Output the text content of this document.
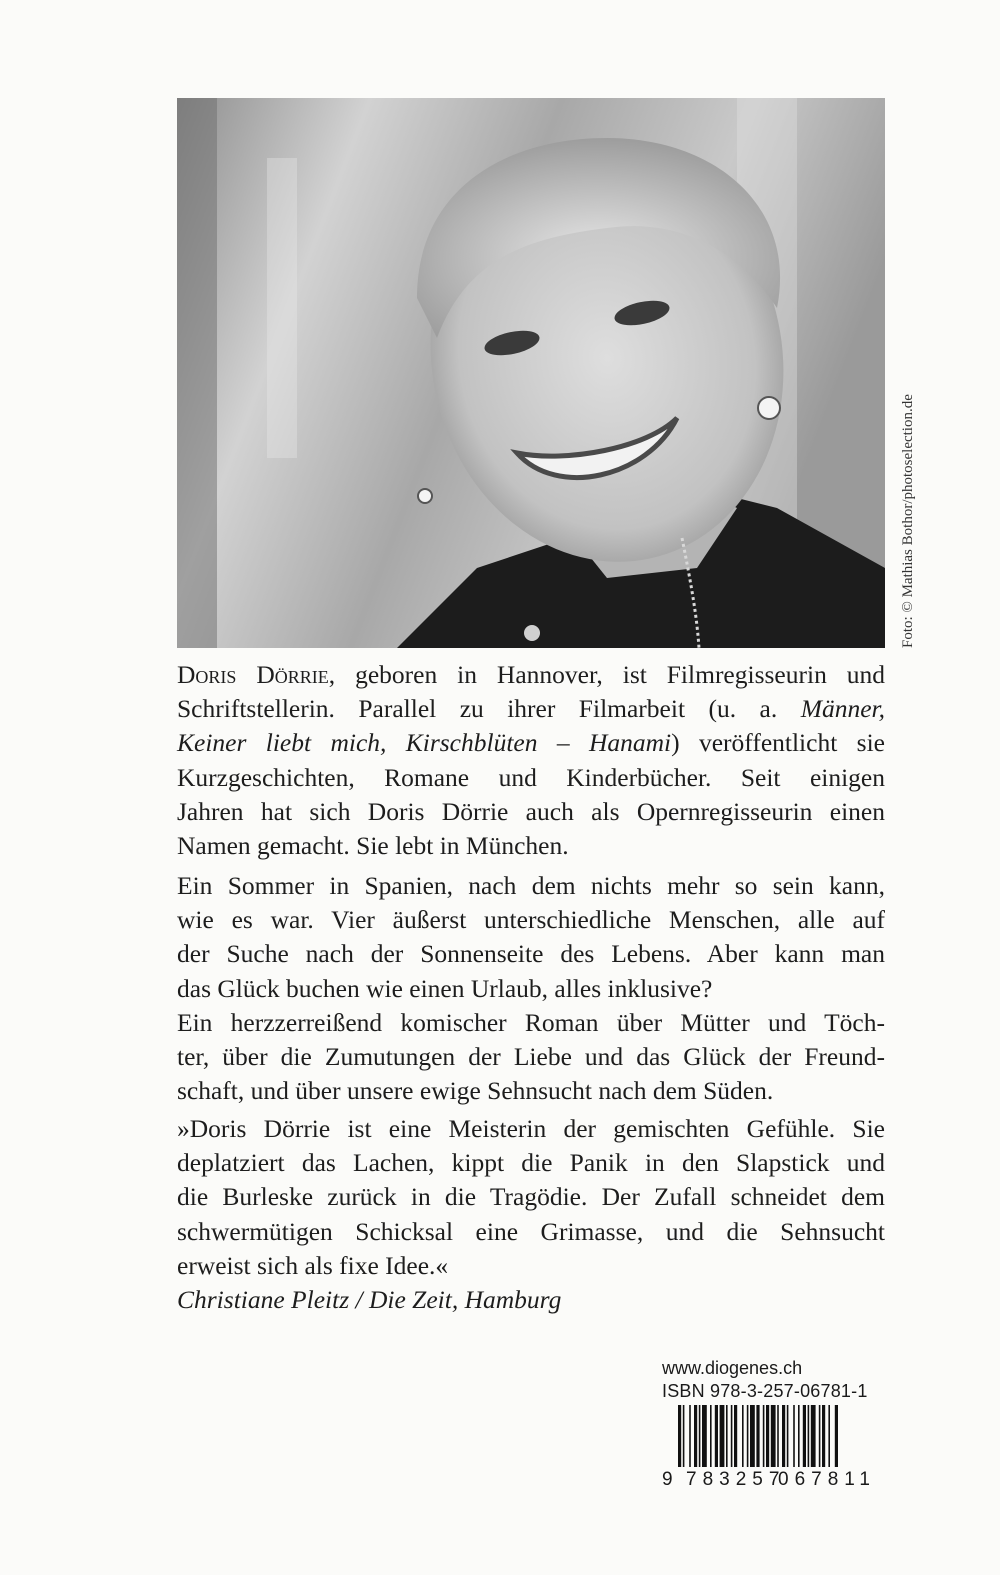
Foto: © Mathias Bothor/photoselection.de
Doris Dörrie, geboren in Hannover, ist Filmregisseurin und
Schriftstellerin. Parallel zu ihrer Filmarbeit (u. a. Männer,
Keiner liebt mich, Kirschblüten – Hanami) veröffentlicht sie
Kurzgeschichten, Romane und Kinderbücher. Seit einigen
Jahren hat sich Doris Dörrie auch als Opernregisseurin einen
Namen gemacht. Sie lebt in München.
Ein Sommer in Spanien, nach dem nichts mehr so sein kann,
wie es war. Vier äußerst unterschiedliche Menschen, alle auf
der Suche nach der Sonnenseite des Lebens. Aber kann man
das Glück buchen wie einen Urlaub, alles inklusive?
Ein herzzerreißend komischer Roman über Mütter und Töch-
ter, über die Zumutungen der Liebe und das Glück der Freund-
schaft, und über unsere ewige Sehnsucht nach dem Süden.
»Doris Dörrie ist eine Meisterin der gemischten Gefühle. Sie
deplatziert das Lachen, kippt die Panik in den Slapstick und
die Burleske zurück in die Tragödie. Der Zufall schneidet dem
schwermütigen Schicksal eine Grimasse, und die Sehnsucht
erweist sich als fixe Idee.«
Christiane Pleitz / Die Zeit, Hamburg
www.diogenes.ch
ISBN 978-3-257-06781-1
9 783257
067811
